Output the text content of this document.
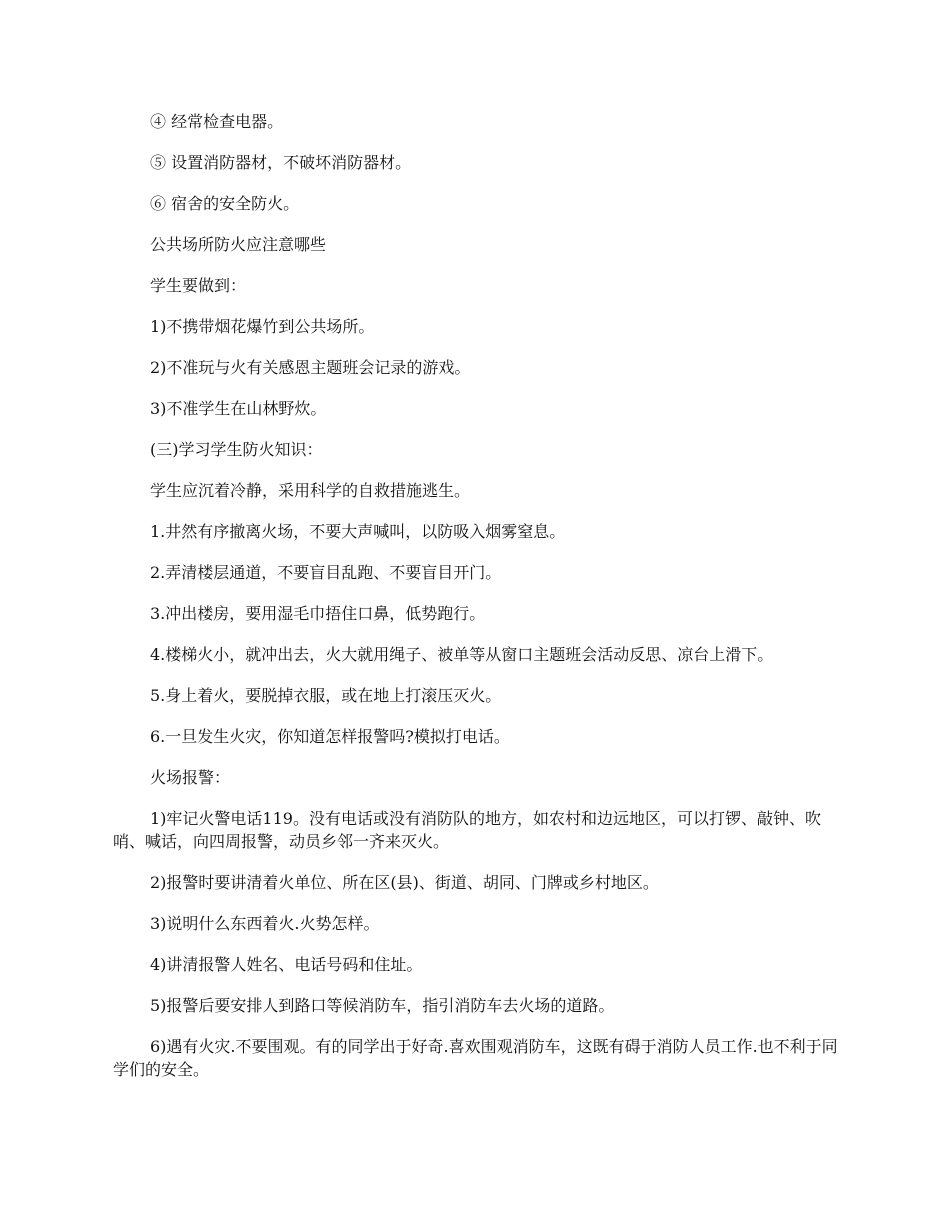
④ 经常检查电器。

⑤ 设置消防器材，不破坏消防器材。

⑥ 宿舍的安全防火。

公共场所防火应注意哪些

学生要做到：

1)不携带烟花爆竹到公共场所。

2)不准玩与火有关感恩主题班会记录的游戏。

3)不准学生在山林野炊。

(三)学习学生防火知识：

学生应沉着冷静，采用科学的自救措施逃生。

1.井然有序撤离火场，不要大声喊叫，以防吸入烟雾窒息。

2.弄清楼层通道，不要盲目乱跑、不要盲目开门。

3.冲出楼房，要用湿毛巾捂住口鼻，低势跑行。

4.楼梯火小，就冲出去，火大就用绳子、被单等从窗口主题班会活动反思、凉台上滑下。

5.身上着火，要脱掉衣服，或在地上打滚压灭火。

6.一旦发生火灾，你知道怎样报警吗?模拟打电话。

火场报警：

1)牢记火警电话119。没有电话或没有消防队的地方，如农村和边远地区，可以打锣、敲钟、吹哨、喊话，向四周报警，动员乡邻一齐来灭火。

2)报警时要讲清着火单位、所在区(县)、街道、胡同、门牌或乡村地区。

3)说明什么东西着火.火势怎样。

4)讲清报警人姓名、电话号码和住址。

5)报警后要安排人到路口等候消防车，指引消防车去火场的道路。

6)遇有火灾.不要围观。有的同学出于好奇.喜欢围观消防车，这既有碍于消防人员工作.也不利于同学们的安全。
